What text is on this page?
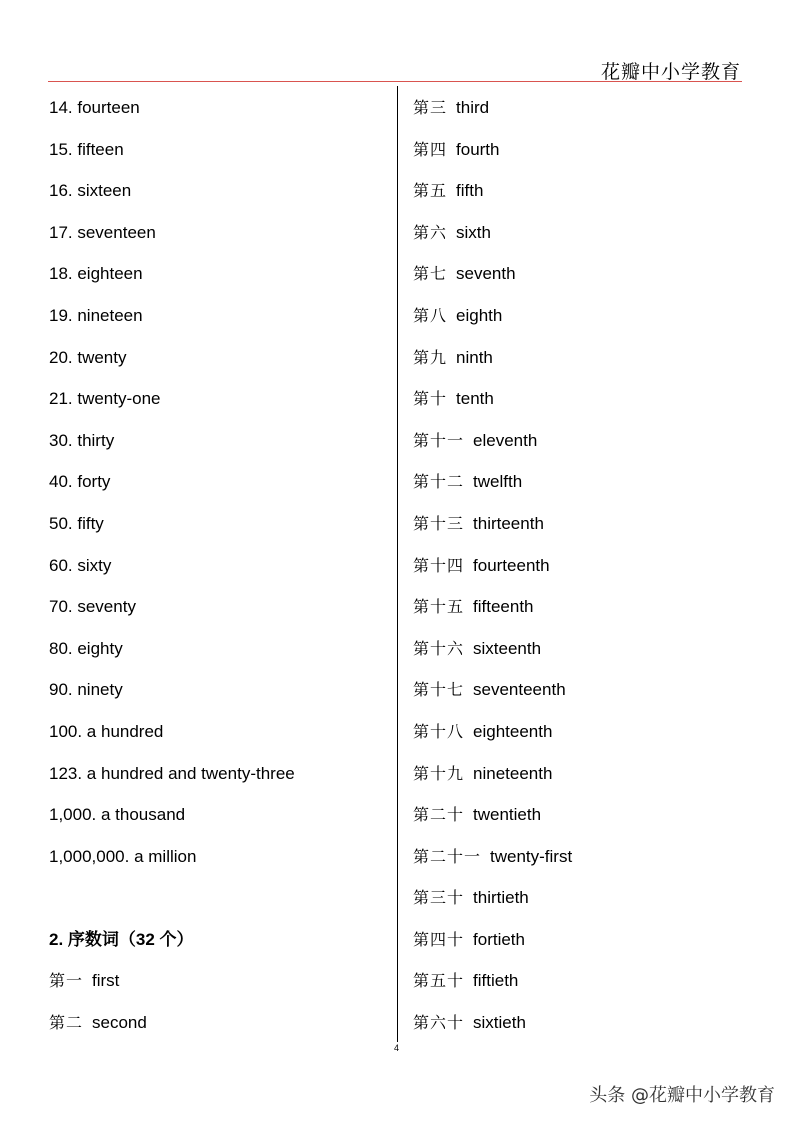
花瓣中小学教育
14. fourteen
15. fifteen
16. sixteen
17. seventeen
18. eighteen
19. nineteen
20. twenty
21. twenty-one
30. thirty
40. forty
50. fifty
60. sixty
70. seventy
80. eighty
90. ninety
100. a hundred
123. a hundred and twenty-three
1,000. a thousand
1,000,000. a million
2. 序数词（32 个）
第一 first
第二 second
第三 third
第四 fourth
第五 fifth
第六 sixth
第七 seventh
第八 eighth
第九 ninth
第十 tenth
第十一 eleventh
第十二 twelfth
第十三 thirteenth
第十四 fourteenth
第十五 fifteenth
第十六 sixteenth
第十七 seventeenth
第十八 eighteenth
第十九 nineteenth
第二十 twentieth
第二十一 twenty-first
第三十 thirtieth
第四十 fortieth
第五十 fiftieth
第六十 sixtieth
4
头条 @花瓣中小学教育
